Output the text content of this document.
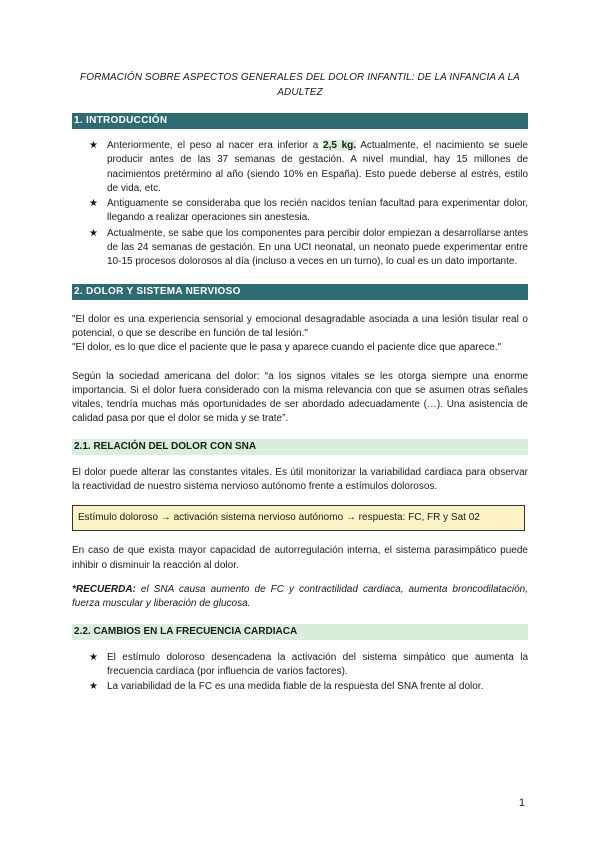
FORMACIÓN SOBRE ASPECTOS GENERALES DEL DOLOR INFANTIL: DE LA INFANCIA A LA ADULTEZ
1. INTRODUCCIÓN
★ Anteriormente, el peso al nacer era inferior a 2,5 kg. Actualmente, el nacimiento se suele producir antes de las 37 semanas de gestación. A nivel mundial, hay 15 millones de nacimientos pretérmino al año (siendo 10% en España). Esto puede deberse al estrés, estilo de vida, etc.
★ Antiguamente se consideraba que los recién nacidos tenían facultad para experimentar dolor, llegando a realizar operaciones sin anestesia.
★ Actualmente, se sabe que los componentes para percibir dolor empiezan a desarrollarse antes de las 24 semanas de gestación. En una UCI neonatal, un neonato puede experimentar entre 10-15 procesos dolorosos al día (incluso a veces en un turno), lo cual es un dato importante.
2. DOLOR Y SISTEMA NERVIOSO

"El dolor es una experiencia sensorial y emocional desagradable asociada a una lesión tisular real o potencial, o que se describe en función de tal lesión."

"El dolor, es lo que dice el paciente que le pasa y aparece cuando el paciente dice que aparece."

Según la sociedad americana del dolor: “a los signos vitales se les otorga siempre una enorme importancia. Si el dolor fuera considerado con la misma relevancia con que se asumen otras señales vitales, tendría muchas más oportunidades de ser abordado adecuadamente (…). Una asistencia de calidad pasa por que el dolor se mida y se trate”.

2.1. RELACIÓN DEL DOLOR CON SNA

El dolor puede alterar las constantes vitales. Es útil monitorizar la variabilidad cardiaca para observar la reactividad de nuestro sistema nervioso autónomo frente a estímulos dolorosos.

Estímulo doloroso → activación sistema nervioso autónomo → respuesta: FC, FR y Sat 02

En caso de que exista mayor capacidad de autorregulación interna, el sistema parasimpático puede inhibir o disminuir la reacción al dolor.

*RECUERDA: el SNA causa aumento de FC y contractilidad cardiaca, aumenta broncodilatación, fuerza muscular y liberación de glucosa.

2.2. CAMBIOS EN LA FRECUENCIA CARDIACA
★ El estímulo doloroso desencadena la activación del sistema simpático que aumenta la frecuencia cardíaca (por influencia de varios factores).
★ La variabilidad de la FC es una medida fiable de la respuesta del SNA frente al dolor.
1
